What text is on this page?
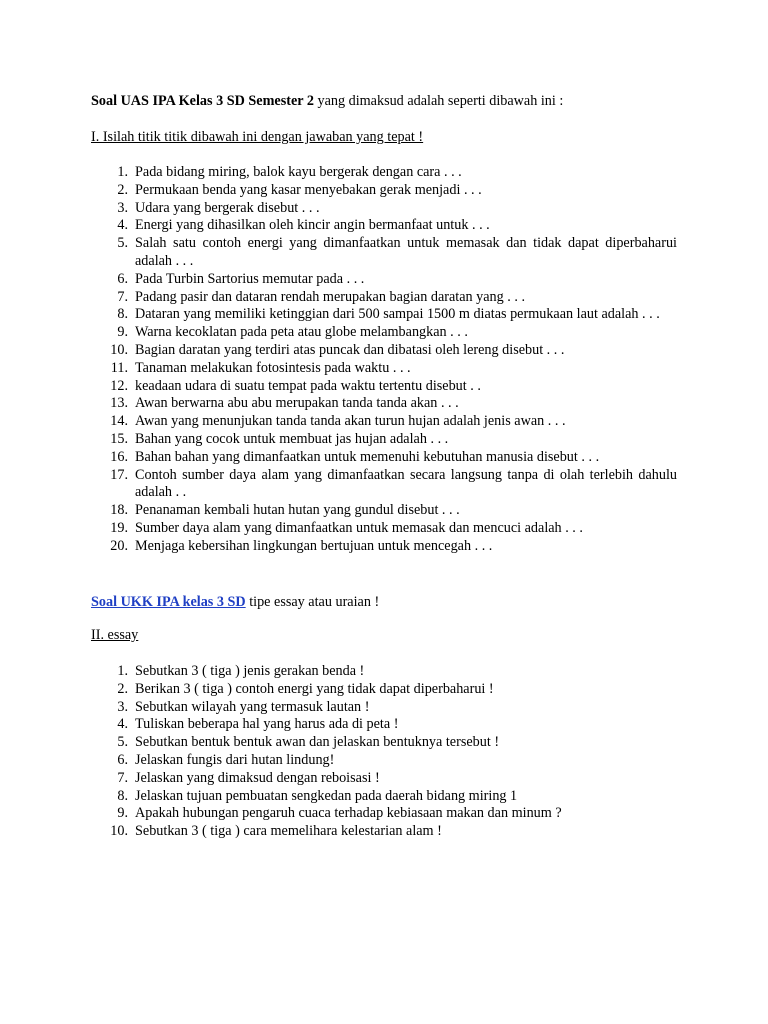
Soal UAS IPA Kelas 3 SD Semester 2 yang dimaksud adalah seperti dibawah ini :
I. Isilah titik titik dibawah ini dengan jawaban yang tepat !
1. Pada bidang miring, balok kayu bergerak dengan cara . . .
2. Permukaan benda yang kasar menyebakan gerak menjadi . . .
3. Udara yang bergerak disebut . . .
4. Energi yang dihasilkan oleh kincir angin bermanfaat untuk . . .
5. Salah satu contoh energi yang dimanfaatkan untuk memasak dan tidak dapat diperbaharui adalah . . .
6. Pada Turbin Sartorius memutar pada . . .
7. Padang pasir dan dataran rendah merupakan bagian daratan yang . . .
8. Dataran yang memiliki ketinggian dari 500 sampai 1500 m diatas permukaan laut adalah . . .
9. Warna kecoklatan pada peta atau globe melambangkan . . .
10. Bagian daratan yang terdiri atas puncak dan dibatasi oleh lereng disebut . . .
11. Tanaman melakukan fotosintesis pada waktu . . .
12. keadaan udara di suatu tempat pada waktu tertentu disebut . .
13. Awan berwarna abu abu merupakan tanda tanda akan . . .
14. Awan yang menunjukan tanda tanda akan turun hujan adalah jenis awan . . .
15. Bahan yang cocok untuk membuat jas hujan adalah . . .
16. Bahan bahan yang dimanfaatkan untuk memenuhi kebutuhan manusia disebut . . .
17. Contoh sumber daya alam yang dimanfaatkan secara langsung tanpa di olah terlebih dahulu adalah . .
18. Penanaman kembali hutan hutan yang gundul disebut . . .
19. Sumber daya alam yang dimanfaatkan untuk memasak dan mencuci adalah . . .
20. Menjaga kebersihan lingkungan bertujuan untuk mencegah . . .
Soal UKK IPA kelas 3 SD tipe essay atau uraian !
II. essay
1. Sebutkan 3 ( tiga ) jenis gerakan benda !
2. Berikan 3 ( tiga ) contoh energi yang tidak dapat diperbaharui !
3. Sebutkan wilayah yang termasuk lautan !
4. Tuliskan beberapa hal yang harus ada di peta !
5. Sebutkan bentuk bentuk awan dan jelaskan bentuknya tersebut !
6. Jelaskan fungis dari hutan lindung!
7. Jelaskan yang dimaksud dengan reboisasi !
8. Jelaskan tujuan pembuatan sengkedan pada daerah bidang miring 1
9. Apakah hubungan pengaruh cuaca terhadap kebiasaan makan dan minum ?
10. Sebutkan 3 ( tiga ) cara memelihara kelestarian alam !
